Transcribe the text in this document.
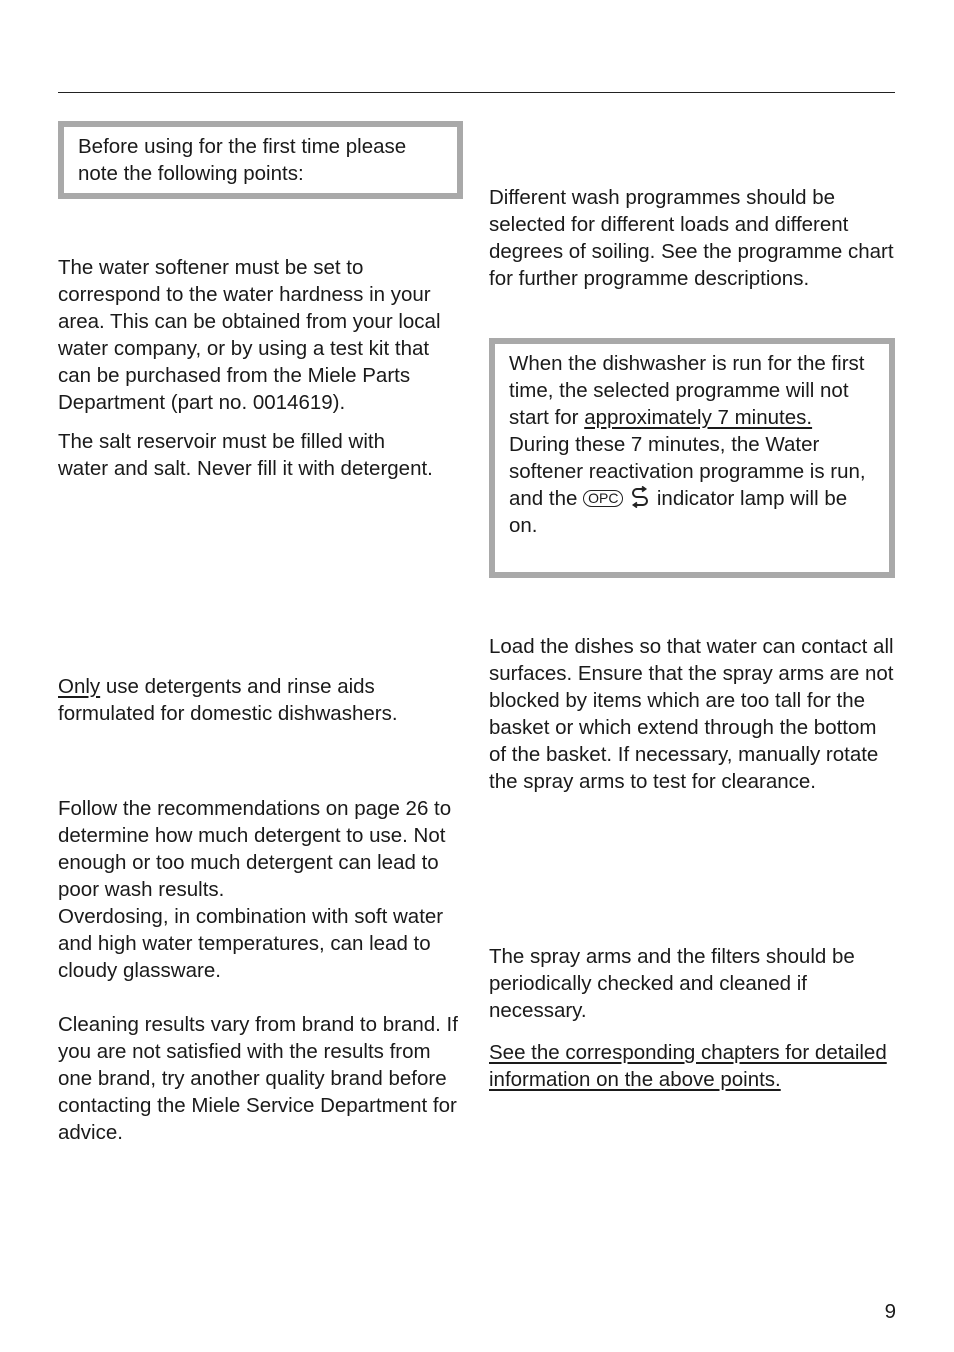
Before using for the first time please note the following points:

The water softener must be set to correspond to the water hardness in your area. This can be obtained from your local water company, or by using a test kit that can be purchased from the Miele Parts Department (part no. 0014619).

The salt reservoir must be filled with water and salt. Never fill it with detergent.

Only use detergents and rinse aids formulated for domestic dishwashers.

Follow the recommendations on page 26 to determine how much detergent to use. Not enough or too much detergent can lead to poor wash results.

Overdosing, in combination with soft water and high water temperatures, can lead to cloudy glassware.

Cleaning results vary from brand to brand. If you are not satisfied with the results from one brand, try another quality brand before contacting the Miele Service Department for advice.

Different wash programmes should be selected for different loads and different degrees of soiling. See the programme chart for further programme descriptions.

When the dishwasher is run for the first time, the selected programme will not start for approximately 7 minutes.
During these 7 minutes, the Water softener reactivation programme is run, and the OPC indicator lamp will be on.

Load the dishes so that water can contact all surfaces. Ensure that the spray arms are not blocked by items which are too tall for the basket or which extend through the bottom of the basket. If necessary, manually rotate the spray arms to test for clearance.

The spray arms and the filters should be periodically checked and cleaned if necessary.

See the corresponding chapters for detailed information on the above points.

9
